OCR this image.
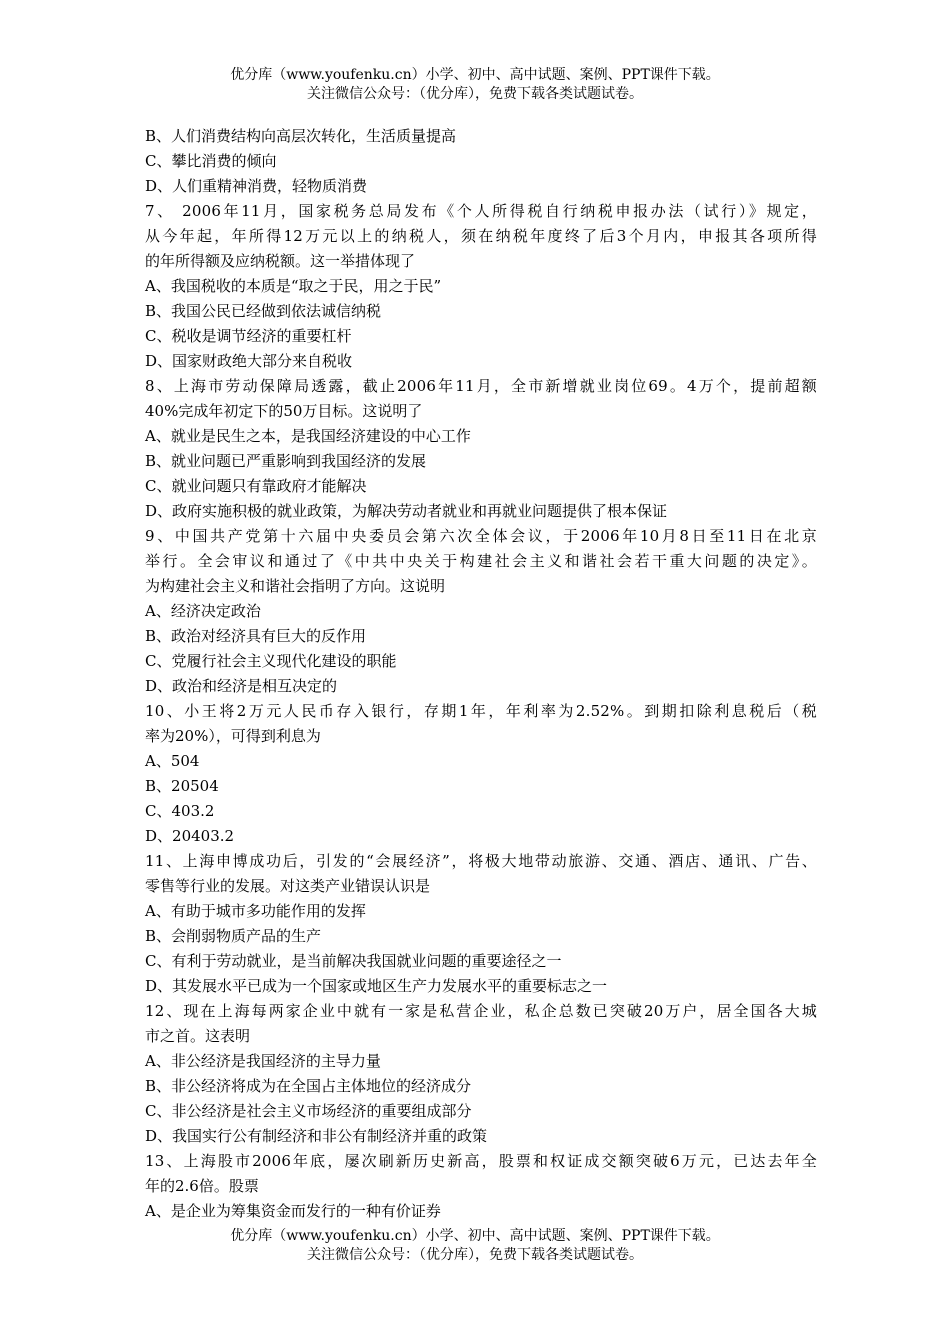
优分库（www.youfenku.cn）小学、初中、高中试题、案例、PPT课件下载。
关注微信公众号：（优分库），免费下载各类试题试卷。
B、人们消费结构向高层次转化，生活质量提高
C、攀比消费的倾向
D、人们重精神消费，轻物质消费
7、 2006年11月，国家税务总局发布《个人所得税自行纳税申报办法（试行）》规定，
从今年起，年所得12万元以上的纳税人，须在纳税年度终了后3个月内，申报其各项所得
的年所得额及应纳税额。这一举措体现了
A、我国税收的本质是“取之于民，用之于民”
B、我国公民已经做到依法诚信纳税
C、税收是调节经济的重要杠杆
D、国家财政绝大部分来自税收
8、上海市劳动保障局透露，截止2006年11月，全市新增就业岗位69。4万个，提前超额
40%完成年初定下的50万目标。这说明了
A、就业是民生之本，是我国经济建设的中心工作
B、就业问题已严重影响到我国经济的发展
C、就业问题只有靠政府才能解决
D、政府实施积极的就业政策，为解决劳动者就业和再就业问题提供了根本保证
9、中国共产党第十六届中央委员会第六次全体会议，于2006年10月8日至11日在北京
举行。全会审议和通过了《中共中央关于构建社会主义和谐社会若干重大问题的决定》。
为构建社会主义和谐社会指明了方向。这说明
A、经济决定政治
B、政治对经济具有巨大的反作用
C、党履行社会主义现代化建设的职能
D、政治和经济是相互决定的
10、小王将2万元人民币存入银行，存期1年，年利率为2.52%。到期扣除利息税后（税
率为20%），可得到利息为
A、504
B、20504
C、403.2
D、20403.2
11、上海申博成功后，引发的“会展经济”，将极大地带动旅游、交通、酒店、通讯、广告、
零售等行业的发展。对这类产业错误认识是
A、有助于城市多功能作用的发挥
B、会削弱物质产品的生产
C、有利于劳动就业，是当前解决我国就业问题的重要途径之一
D、其发展水平已成为一个国家或地区生产力发展水平的重要标志之一
12、现在上海每两家企业中就有一家是私营企业，私企总数已突破20万户，居全国各大城
市之首。这表明
A、非公经济是我国经济的主导力量
B、非公经济将成为在全国占主体地位的经济成分
C、非公经济是社会主义市场经济的重要组成部分
D、我国实行公有制经济和非公有制经济并重的政策
13、上海股市2006年底，屡次刷新历史新高，股票和权证成交额突破6万元，已达去年全
年的2.6倍。股票
A、是企业为筹集资金而发行的一种有价证券
优分库（www.youfenku.cn）小学、初中、高中试题、案例、PPT课件下载。
关注微信公众号：（优分库），免费下载各类试题试卷。
